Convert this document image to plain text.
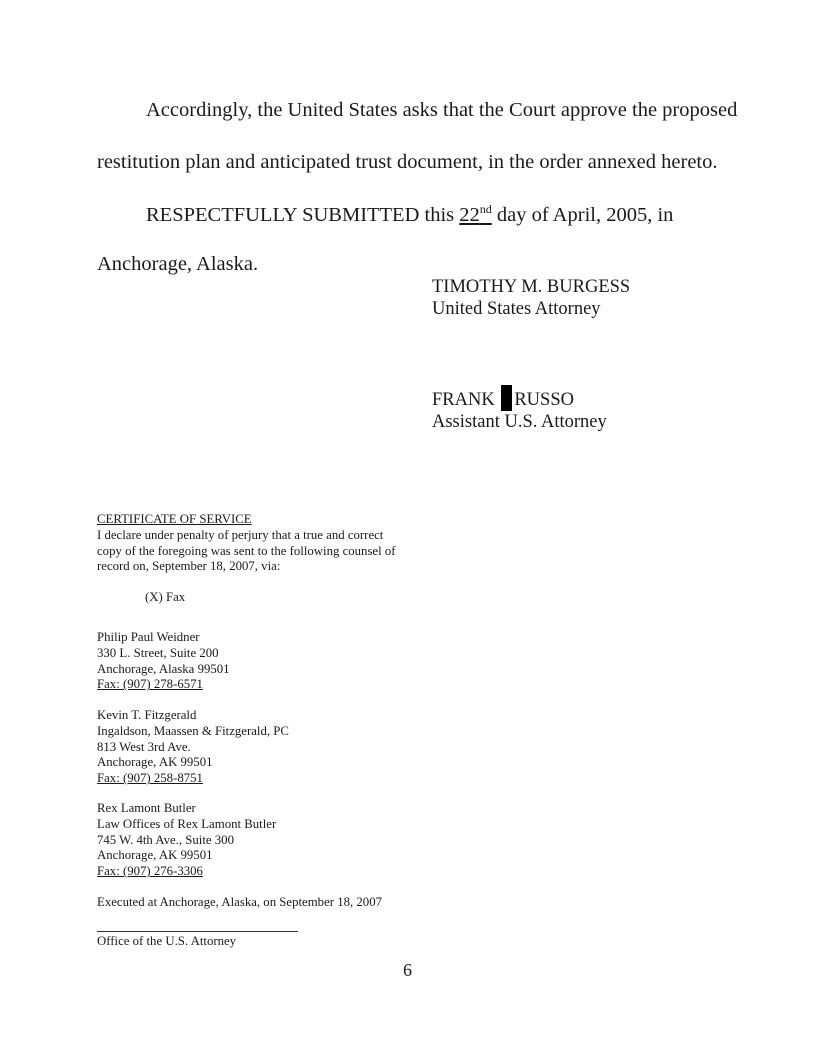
Accordingly, the United States asks that the Court approve the proposed
restitution plan and anticipated trust document, in the order annexed hereto.
RESPECTFULLY SUBMITTED this 22nd day of April, 2005, in
Anchorage, Alaska.
TIMOTHY M. BURGESS
United States Attorney
FRANK RUSSO
Assistant U.S. Attorney
CERTIFICATE OF SERVICE
I declare under penalty of perjury that a true and correct
copy of the foregoing was sent to the following counsel of
record on, September 18, 2007, via:
(X) Fax
Philip Paul Weidner
330 L. Street, Suite 200
Anchorage, Alaska 99501
Fax: (907) 278-6571
Kevin T. Fitzgerald
Ingaldson, Maassen & Fitzgerald, PC
813 West 3rd Ave.
Anchorage, AK 99501
Fax: (907) 258-8751
Rex Lamont Butler
Law Offices of Rex Lamont Butler
745 W. 4th Ave., Suite 300
Anchorage, AK 99501
Fax: (907) 276-3306
Executed at Anchorage, Alaska, on September 18, 2007
Office of the U.S. Attorney
6
